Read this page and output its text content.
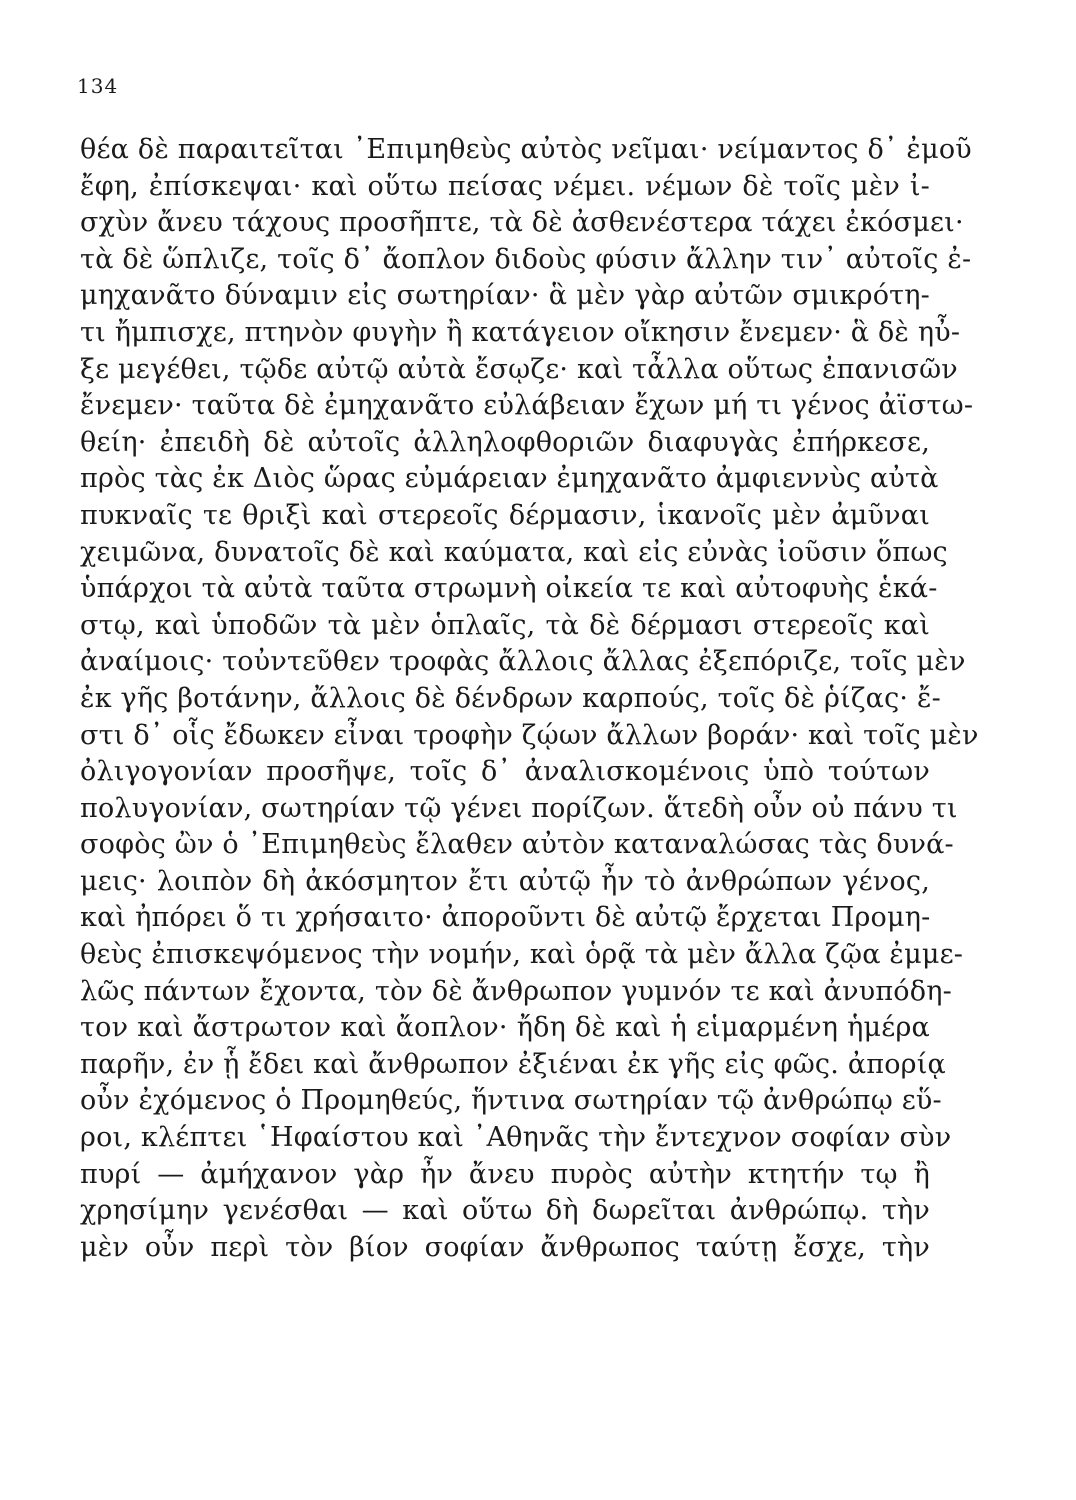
134
θέα δὲ παραιτεῖται ᾿Επιμηθεὺς αὐτὸς νεῖμαι· νείμαντος δ᾿ ἐμοῦ
ἔφη, ἐπίσκεψαι· καὶ οὕτω πείσας νέμει. νέμων δὲ τοῖς μὲν ἰ-
σχὺν ἄνευ τάχους προσῆπτε, τὰ δὲ ἀσθενέστερα τάχει ἐκόσμει·
τὰ δὲ ὥπλιζε, τοῖς δ᾿ ἄοπλον διδοὺς φύσιν ἄλλην τιν᾿ αὐτοῖς ἐ-
μηχανᾶτο δύναμιν εἰς σωτηρίαν· ἃ μὲν γὰρ αὐτῶν σμικρότη-
τι ἤμπισχε, πτηνὸν φυγὴν ἢ κατάγειον οἴκησιν ἔνεμεν· ἃ δὲ ηὖ-
ξε μεγέθει, τῷδε αὐτῷ αὐτὰ ἔσῳζε· καὶ τἆλλα οὕτως ἐπανισῶν
ἔνεμεν· ταῦτα δὲ ἐμηχανᾶτο εὐλάβειαν ἔχων μή τι γένος ἀϊστω-
θείη· ἐπειδὴ δὲ αὐτοῖς ἀλληλοφθοριῶν διαφυγὰς ἐπήρκεσε,
πρὸς τὰς ἐκ Διὸς ὥρας εὐμάρειαν ἐμηχανᾶτο ἀμφιεννὺς αὐτὰ
πυκναῖς τε θριξὶ καὶ στερεοῖς δέρμασιν, ἱκανοῖς μὲν ἀμῦναι
χειμῶνα, δυνατοῖς δὲ καὶ καύματα, καὶ εἰς εὐνὰς ἰοῦσιν ὅπως
ὑπάρχοι τὰ αὐτὰ ταῦτα στρωμνὴ οἰκεία τε καὶ αὐτοφυὴς ἑκά-
στῳ, καὶ ὑποδῶν τὰ μὲν ὁπλαῖς, τὰ δὲ δέρμασι στερεοῖς καὶ
ἀναίμοις· τοὐντεῦθεν τροφὰς ἄλλοις ἄλλας ἐξεπόριζε, τοῖς μὲν
ἐκ γῆς βοτάνην, ἄλλοις δὲ δένδρων καρπούς, τοῖς δὲ ῥίζας· ἔ-
στι δ᾿ οἷς ἔδωκεν εἶναι τροφὴν ζῴων ἄλλων βοράν· καὶ τοῖς μὲν
ὀλιγογονίαν προσῆψε, τοῖς δ᾿ ἀναλισκομένοις ὑπὸ τούτων
πολυγονίαν, σωτηρίαν τῷ γένει πορίζων. ἅτεδὴ οὖν οὐ πάνυ τι
σοφὸς ὢν ὁ ᾿Επιμηθεὺς ἔλαθεν αὐτὸν καταναλώσας τὰς δυνά-
μεις· λοιπὸν δὴ ἀκόσμητον ἔτι αὐτῷ ἦν τὸ ἀνθρώπων γένος,
καὶ ἠπόρει ὅ τι χρήσαιτο· ἀποροῦντι δὲ αὐτῷ ἔρχεται Προμη-
θεὺς ἐπισκεψόμενος τὴν νομήν, καὶ ὁρᾷ τὰ μὲν ἄλλα ζῷα ἐμμε-
λῶς πάντων ἔχοντα, τὸν δὲ ἄνθρωπον γυμνόν τε καὶ ἀνυπόδη-
τον καὶ ἄστρωτον καὶ ἄοπλον· ἤδη δὲ καὶ ἡ εἱμαρμένη ἡμέρα
παρῆν, ἐν ᾗ ἔδει καὶ ἄνθρωπον ἐξιέναι ἐκ γῆς εἰς φῶς. ἀπορίᾳ
οὖν ἐχόμενος ὁ Προμηθεύς, ἥντινα σωτηρίαν τῷ ἀνθρώπῳ εὕ-
ροι, κλέπτει ῾Ηφαίστου καὶ ᾿Αθηνᾶς τὴν ἔντεχνον σοφίαν σὺν
πυρί — ἀμήχανον γὰρ ἦν ἄνευ πυρὸς αὐτὴν κτητήν τῳ ἢ
χρησίμην γενέσθαι — καὶ οὕτω δὴ δωρεῖται ἀνθρώπῳ. τὴν
μὲν οὖν περὶ τὸν βίον σοφίαν ἄνθρωπος ταύτῃ ἔσχε, τὴν
